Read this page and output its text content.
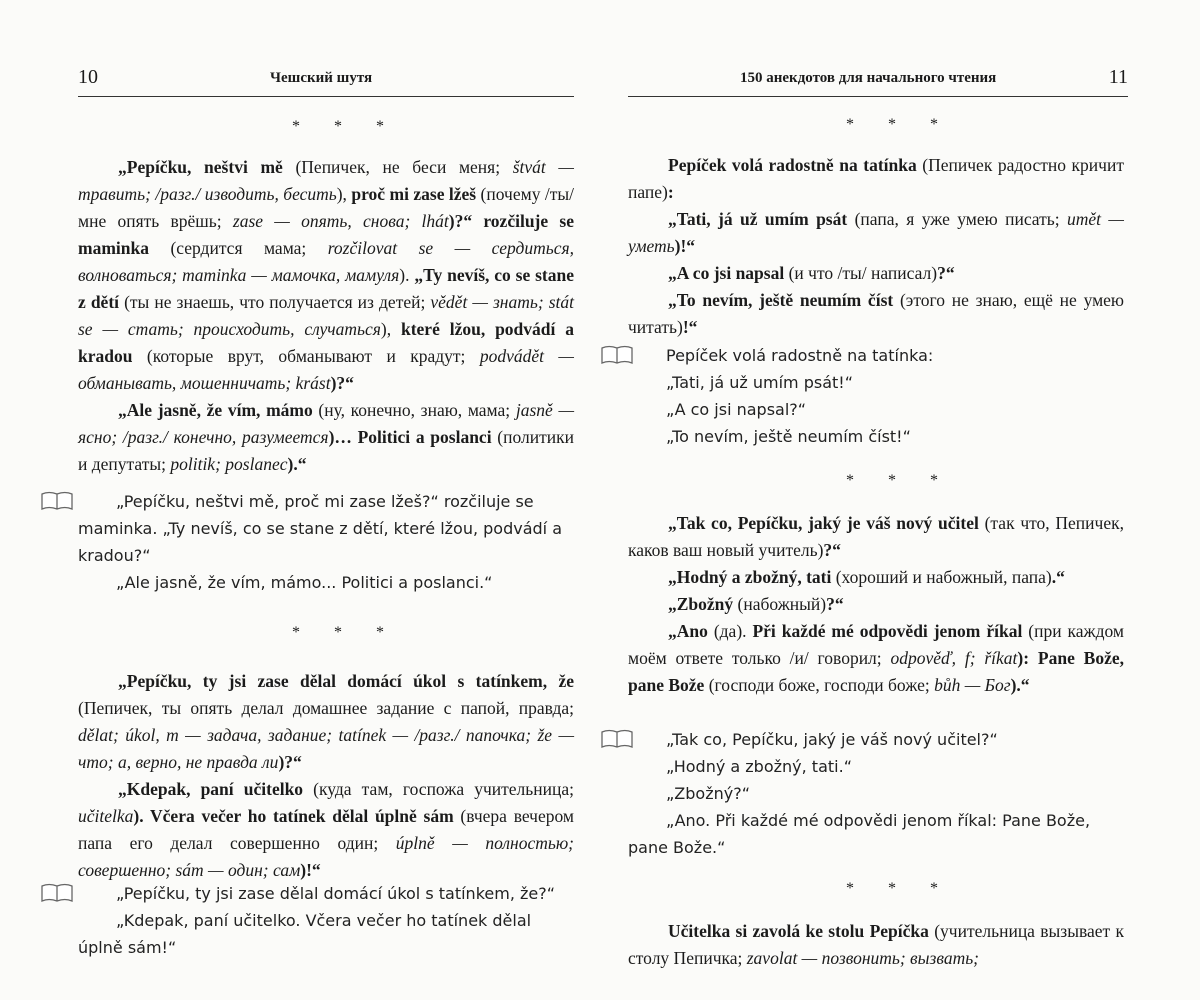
10	Чешский шутя
* * *

„Pepíčku, neštvi mě (Пепичек, не беси меня; štvát — травить; /разг./ изводить, бесить), proč mi zase lžeš (почему /ты/ мне опять врёшь; zase — опять, снова; lhát)?“ rozčiluje se maminka (сердится мама; rozčilovat se — сердиться, волноваться; maminka — мамочка, мамуля). „Ty nevíš, co se stane z dětí (ты не знаешь, что получается из детей; vědět — знать; stát se — стать; происходить, случаться), které lžou, podvádí a kradou (которые врут, обманывают и крадут; podvádět — обманывать, мошенничать; krást)?“

„Ale jasně, že vím, mámo (ну, конечно, знаю, мама; jasně — ясно; /разг./ конечно, разумеется)… Politici a poslanci (политики и депутаты; politik; poslanec).“

„Pepíčku, neštvi mě, proč mi zase lžeš?“ rozčiluje se maminka. „Ty nevíš, co se stane z dětí, které lžou, podvádí a kradou?“

„Ale jasně, že vím, mámo... Politici a poslanci.“

* * *

„Pepíčku, ty jsi zase dělal domácí úkol s tatínkem, že (Пепичек, ты опять делал домашнее задание с папой, правда; dělat; úkol, m — задача, задание; tatínek — /разг./ папочка; že — что; а, верно, не правда ли)?“

„Kdepak, paní učitelko (куда там, госпожа учительница; učitelka). Včera večer ho tatínek dělal úplně sám (вчера вечером папа его делал совершенно один; úplně — полностью; совершенно; sám — один; сам)!“

„Pepíčku, ty jsi zase dělal domácí úkol s tatínkem, že?“

„Kdepak, paní učitelko. Včera večer ho tatínek dělal úplně sám!“

150 анекдотов для начального чтения	11
* * *

Pepíček volá radostně na tatínka (Пепичек радостно кричит папе):

„Tati, já už umím psát (папа, я уже умею писать; umět — уметь)!“

„A co jsi napsal (и что /ты/ написал)?“

„To nevím, ještě neumím číst (этого не знаю, ещё не умею читать)!“

Pepíček volá radostně na tatínka:

„Tati, já už umím psát!“

„A co jsi napsal?“

„To nevím, ještě neumím číst!“

* * *

„Tak co, Pepíčku, jaký je váš nový učitel (так что, Пепичек, каков ваш новый учитель)?“

„Hodný a zbožný, tati (хороший и набожный, папа).“

„Zbožný (набожный)?“

„Ano (да). Při každé mé odpovědi jenom říkal (при каждом моём ответе только /и/ говорил; odpověď, f; říkat): Pane Bože, pane Bože (господи боже, господи боже; bůh — Бог).“

„Tak co, Pepíčku, jaký je váš nový učitel?“

„Hodný a zbožný, tati.“

„Zbožný?“

„Ano. Při každé mé odpovědi jenom říkal: Pane Bože, pane Bože.“

* * *

Učitelka si zavolá ke stolu Pepíčka (учительница вызывает к столу Пепичка; zavolat — позвонить; вызвать;
